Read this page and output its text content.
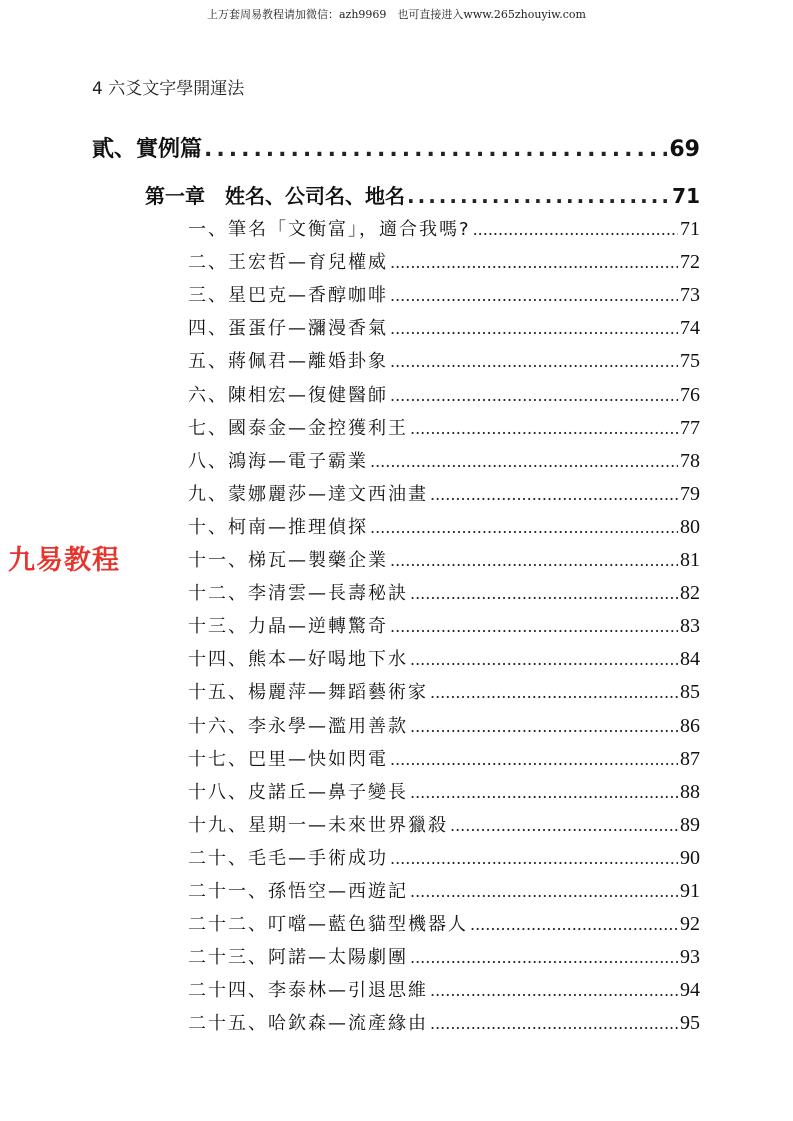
上万套周易教程请加微信：azh9969　也可直接进入www.265zhouyiw.com
4 六爻文字學開運法
貳、實例篇 .....	69
第一章　姓名、公司名、地名 .....	71
一、筆名「文衡富」，適合我嗎? .....	71
二、王宏哲—育兒權威 .....	72
三、星巴克—香醇咖啡 .....	73
四、蛋蛋仔—瀰漫香氣 .....	74
五、蔣佩君—離婚卦象 .....	75
六、陳相宏—復健醫師 .....	76
七、國泰金—金控獲利王 .....	77
八、鴻海—電子霸業 .....	78
九、蒙娜麗莎—達文西油畫 .....	79
十、柯南—推理偵探 .....	80
十一、梯瓦—製藥企業 .....	81
十二、李清雲—長壽秘訣 .....	82
十三、力晶—逆轉驚奇 .....	83
十四、熊本—好喝地下水 .....	84
十五、楊麗萍—舞蹈藝術家 .....	85
十六、李永學—濫用善款 .....	86
十七、巴里—快如閃電 .....	87
十八、皮諾丘—鼻子變長 .....	88
十九、星期一—未來世界獵殺 .....	89
二十、毛毛—手術成功 .....	90
二十一、孫悟空—西遊記 .....	91
二十二、叮噹—藍色貓型機器人 .....	92
二十三、阿諾—太陽劇團 .....	93
二十四、李泰林—引退思維 .....	94
二十五、哈欽森—流產緣由 .....	95
九易教程
